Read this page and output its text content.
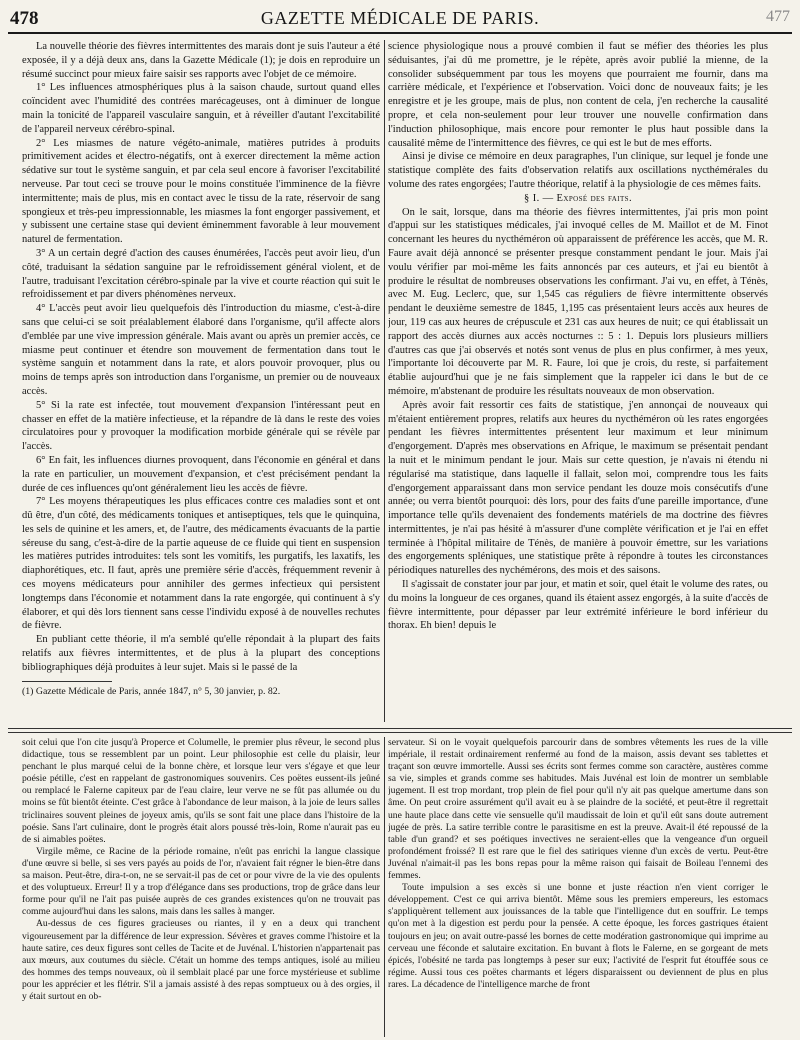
478	GAZETTE MÉDICALE DE PARIS.	477

La nouvelle théorie des fièvres intermittentes des marais dont je suis l'auteur a été exposée, il y a déjà deux ans, dans la Gazette Médicale (1); je dois en reproduire un résumé succinct pour mieux faire saisir ses rapports avec l'objet de ce mémoire.

1° Les influences atmosphériques plus à la saison chaude, surtout quand elles coïncident avec l'humidité des contrées marécageuses, ont à diminuer de longue main la tonicité de l'appareil vasculaire sanguin, et à réveiller d'autant l'excitabilité de l'appareil nerveux cérébro-spinal.

2° Les miasmes de nature végéto-animale, matières putrides à produits primitivement acides et électro-négatifs, ont à exercer directement la même action sédative sur tout le système sanguin, et par cela seul encore à favoriser l'excitabilité nerveuse. Par tout ceci se trouve pour le moins constituée l'imminence de la fièvre intermittente; mais de plus, mis en contact avec le tissu de la rate, réservoir de sang spongieux et très-peu impressionnable, les miasmes la font engorger passivement, et y subissent une certaine stase qui devient éminemment favorable à leur mouvement naturel de fermentation.

3° A un certain degré d'action des causes énumérées, l'accès peut avoir lieu, d'un côté, traduisant la sédation sanguine par le refroidissement général violent, et de l'autre, traduisant l'excitation cérébro-spinale par la vive et courte réaction qui suit le refroidissement et par divers phénomènes nerveux.

4° L'accès peut avoir lieu quelquefois dès l'introduction du miasme, c'est-à-dire sans que celui-ci se soit préalablement élaboré dans l'organisme, qu'il affecte alors d'emblée par une vive impression générale. Mais avant ou après un premier accès, ce miasme peut continuer et étendre son mouvement de fermentation dans tout le système sanguin et notamment dans la rate, et alors pouvoir provoquer, plus ou moins de temps après son introduction dans l'organisme, un premier ou de nouveaux accès.

5° Si la rate est infectée, tout mouvement d'expansion l'intéressant peut en chasser en effet de la matière infectieuse, et la répandre de là dans le reste des voies circulatoires pour y provoquer la modification morbide générale qui se révèle par l'accès.

6° En fait, les influences diurnes provoquent, dans l'économie en général et dans la rate en particulier, un mouvement d'expansion, et c'est précisément pendant la durée de ces influences qu'ont généralement lieu les accès de fièvre.

7° Les moyens thérapeutiques les plus efficaces contre ces maladies sont et ont dû être, d'un côté, des médicaments toniques et antiseptiques, tels que le quinquina, les sels de quinine et les amers, et, de l'autre, des médicaments évacuants de la partie séreuse du sang, c'est-à-dire de la partie aqueuse de ce fluide qui tient en suspension les matières putrides introduites: tels sont les vomitifs, les purgatifs, les laxatifs, les diaphorétiques, etc. Il faut, après une première série d'accès, fréquemment revenir à ces moyens médicateurs pour annihiler des germes infectieux qui persistent longtemps dans l'économie et notamment dans la rate engorgée, qui continuent à s'y élaborer, et qui dès lors tiennent sans cesse l'individu exposé à de nouvelles rechutes de fièvre.

En publiant cette théorie, il m'a semblé qu'elle répondait à la plupart des faits relatifs aux fièvres intermittentes, et de plus à la plupart des conceptions bibliographiques déjà produites à leur sujet. Mais si le passé de la

(1) Gazette Médicale de Paris, année 1847, n° 5, 30 janvier, p. 82.

science physiologique nous a prouvé combien il faut se méfier des théories les plus séduisantes, j'ai dû me promettre, je le répète, après avoir publié la mienne, de la consolider subséquemment par tous les moyens que pourraient me fournir, dans ma carrière médicale, et l'expérience et l'observation. Voici donc de nouveaux faits; je les enregistre et je les groupe, mais de plus, non content de cela, j'en recherche la causalité propre, et cela non-seulement pour leur trouver une nouvelle confirmation dans l'induction philosophique, mais encore pour remonter le plus haut possible dans la causalité même de l'intermittence des fièvres, ce qui est le but de mes efforts.

Ainsi je divise ce mémoire en deux paragraphes, l'un clinique, sur lequel je fonde une statistique complète des faits d'observation relatifs aux oscillations nycthémérales du volume des rates engorgées; l'autre théorique, relatif à la physiologie de ces mêmes faits.

§ I. — Exposé des faits.

On le sait, lorsque, dans ma théorie des fièvres intermittentes, j'ai pris mon point d'appui sur les statistiques médicales, j'ai invoqué celles de M. Maillot et de M. Finot concernant les heures du nycthéméron où apparaissent de préférence les accès, que M. R. Faure avait déjà annoncé se présenter presque constamment pendant le jour. Mais j'ai voulu vérifier par moi-même les faits annoncés par ces auteurs, et j'ai eu bientôt à produire le résultat de nombreuses observations les confirmant. J'ai vu, en effet, à Ténès, avec M. Eug. Leclerc, que, sur 1,545 cas réguliers de fièvre intermittente observés pendant le deuxième semestre de 1845, 1,195 cas présentaient leurs accès aux heures de jour, 119 cas aux heures de crépuscule et 231 cas aux heures de nuit; ce qui établissait un rapport des accès diurnes aux accès nocturnes :: 5 : 1. Depuis lors plusieurs milliers d'autres cas que j'ai observés et notés sont venus de plus en plus confirmer, à mes yeux, l'importante loi découverte par M. R. Faure, loi que je crois, du reste, si parfaitement établie aujourd'hui que je ne fais simplement que la rappeler ici dans le but de ce mémoire, m'abstenant de produire les résultats nouveaux de mon observation.

Après avoir fait ressortir ces faits de statistique, j'en annonçai de nouveaux qui m'étaient entièrement propres, relatifs aux heures du nycthéméron où les rates engorgées pendant les fièvres intermittentes présentent leur maximum et leur minimum d'engorgement. D'après mes observations en Afrique, le maximum se présentait pendant la nuit et le minimum pendant le jour. Mais sur cette question, je n'avais ni étendu ni régularisé ma statistique, dans laquelle il fallait, selon moi, comprendre tous les faits d'engorgement apparaissant dans mon service pendant les douze mois consécutifs d'une année; ou verra bientôt pourquoi: dès lors, pour des faits d'une pareille importance, d'une importance telle qu'ils devenaient des fondements matériels de ma doctrine des fièvres intermittentes, je n'ai pas hésité à m'assurer d'une complète vérification et je l'ai en effet terminée à l'hôpital militaire de Ténès, de manière à pouvoir émettre, sur les variations des engorgements spléniques, une statistique prête à répondre à toutes les circonstances périodiques naturelles des nychémérons, des mois et des saisons.

Il s'agissait de constater jour par jour, et matin et soir, quel était le volume des rates, ou du moins la longueur de ces organes, quand ils étaient assez engorgés, à la suite d'accès de fièvre intermittente, pour dépasser par leur extrémité inférieure le bord inférieur du thorax. Eh bien! depuis le

soit celui que l'on cite jusqu'à Properce et Columelle, le premier plus rêveur, le second plus didactique, tous se ressemblent par un point. Leur philosophie est celle du plaisir, leur penchant le plus marqué celui de la bonne chère, et lorsque leur vers s'égaye et que leur poésie pétille, c'est en rappelant de gastronomiques souvenirs. Ces poëtes eussent-ils jeûné ou remplacé le Falerne capiteux par de l'eau claire, leur verve ne se fût pas allumée ou du moins se fût bientôt éteinte. C'est grâce à l'abondance de leur maison, à la joie de leurs salles triclinaires souvent pleines de joyeux amis, qu'ils se sont fait une place dans l'histoire de la poésie. Sans l'art culinaire, dont le progrès était alors poussé très-loin, Rome n'aurait pas eu de si aimables poëtes.

Virgile même, ce Racine de la période romaine, n'eût pas enrichi la langue classique d'une œuvre si belle, si ses vers payés au poids de l'or, n'avaient fait régner le bien-être dans sa maison. Peut-être, dira-t-on, ne se servait-il pas de cet or pour vivre de la vie des opulents et des voluptueux. Erreur! Il y a trop d'élégance dans ses productions, trop de grâce dans leur forme pour qu'il ne l'ait pas puisée auprès de ces grandes existences qu'on ne trouvait pas comme aujourd'hui dans les salons, mais dans les salles à manger.

Au-dessus de ces figures gracieuses ou riantes, il y en a deux qui tranchent vigoureusement par la différence de leur expression. Sévères et graves comme l'histoire et la haute satire, ces deux figures sont celles de Tacite et de Juvénal. L'historien n'appartenait pas aux mœurs, aux coutumes du siècle. C'était un homme des temps antiques, isolé au milieu des hommes des temps nouveaux, où il semblait placé par une force mystérieuse et sublime pour les apprécier et les flétrir. S'il a jamais assisté à des repas somptueux ou à des orgies, il y était surtout en ob-

servateur. Si on le voyait quelquefois parcourir dans de sombres vêtements les rues de la ville impériale, il restait ordinairement renfermé au fond de la maison, assis devant ses tablettes et traçant son œuvre immortelle. Aussi ses écrits sont fermes comme son caractère, austères comme sa vie, simples et grands comme ses habitudes. Mais Juvénal est loin de montrer un semblable jugement. Il est trop mordant, trop plein de fiel pour qu'il n'y ait pas quelque amertume dans son âme. On peut croire assurément qu'il avait eu à se plaindre de la société, et peut-être il regrettait une haute place dans cette vie sensuelle qu'il maudissait de loin et qu'il eût sans doute autrement jugée de près. La satire terrible contre le parasitisme en est la preuve. Avait-il été repoussé de la table d'un grand? et ses poétiques invectives ne seraient-elles que la vengeance d'un orgueil profondément froissé? Il est rare que le fiel des satiriques vienne d'un excès de vertu. Peut-être Juvénal n'aimait-il pas les bons repas pour la même raison qui faisait de Boileau l'ennemi des femmes.

Toute impulsion a ses excès si une bonne et juste réaction n'en vient corriger le développement. C'est ce qui arriva bientôt. Même sous les premiers empereurs, les estomacs s'appliquèrent tellement aux jouissances de la table que l'intelligence dut en souffrir. Le temps qu'on met à la digestion est perdu pour la pensée. A cette époque, les forces gastriques étaient toujours en jeu; on avait outre-passé les bornes de cette modération gastronomique qui imprime au cerveau une féconde et salutaire excitation. En buvant à flots le Falerne, en se gorgeant de mets épicés, l'obésité ne tarda pas longtemps à peser sur eux; l'activité de l'esprit fut étouffée sous ce régime. Aussi tous ces poëtes charmants et légers disparaissent ou deviennent de plus en plus rares. La décadence de l'intelligence marche de front
